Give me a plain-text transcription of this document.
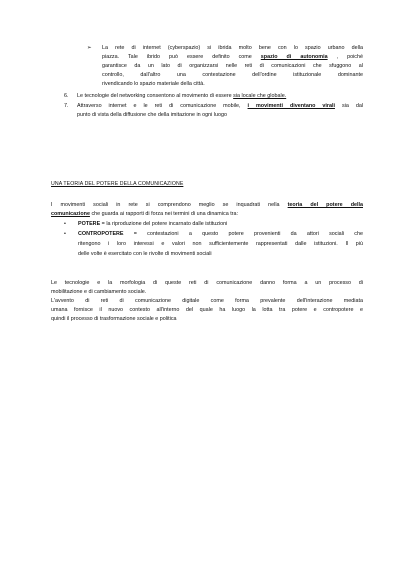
➢ La rete di internet (cyberspazio) si ibrida molto bene con lo spazio urbano della
piazza. Tale ibrido può essere definito come spazio di autonomia , poiché
garantisce da un lato di organizzarsi nelle reti di comunicazioni che sfuggono al
controllo, dall'altro una contestazione dell'ordine istituzionale dominante
rivendicando lo spazio materiale della città.
6. Le tecnologie del networking consentono al movimento di essere sia locale che globale.
7. Attraverso internet e le reti di comunicazione mobile, i movimenti diventano virali sia dal
punto di vista della diffusione che della imitazione in ogni luogo
UNA TEORIA DEL POTERE DELLA COMUNICAZIONE
I movimenti sociali in rete si comprendono meglio se inquadrati nella teoria del potere della
comunicazione che guarda ai rapporti di forza nei termini di una dinamica tra:
• POTERE = la riproduzione del potere incarnato dalle istituzioni
• CONTROPOTERE = contestazioni a questo potere provenienti da attori sociali che
ritengono i loro interessi e valori non sufficientemente rappresentati dalle istituzioni. Il più
delle volte è esercitato con le rivolte di movimenti sociali
Le tecnologie e la morfologia di queste reti di comunicazione danno forma a un processo di
mobilitazione e di cambiamento sociale.
L'avvento di reti di comunicazione digitale come forma prevalente dell'interazione mediata
umana fornisce il nuovo contesto all'interno del quale ha luogo la lotta tra potere e contropotere e
quindi il processo di trasformazione sociale e politica
